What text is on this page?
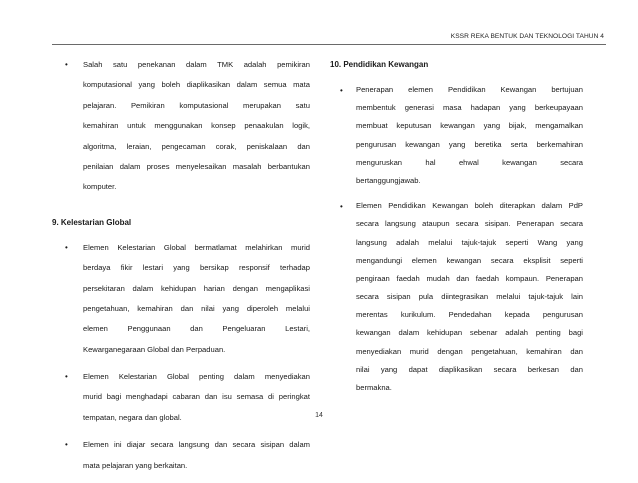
KSSR REKA BENTUK DAN TEKNOLOGI TAHUN 4
• Salah satu penekanan dalam TMK adalah pemikiran
komputasional yang boleh diaplikasikan dalam semua mata
pelajaran. Pemikiran komputasional merupakan satu
kemahiran untuk menggunakan konsep penaakulan logik,
algoritma, leraian, pengecaman corak, peniskalaan dan
penilaian dalam proses menyelesaikan masalah berbantukan
komputer.
9. Kelestarian Global
• Elemen Kelestarian Global bermatlamat melahirkan murid
berdaya fikir lestari yang bersikap responsif terhadap
persekitaran dalam kehidupan harian dengan mengaplikasi
pengetahuan, kemahiran dan nilai yang diperoleh melalui
elemen Penggunaan dan Pengeluaran Lestari,
Kewarganegaraan Global dan Perpaduan.
• Elemen Kelestarian Global penting dalam menyediakan
murid bagi menghadapi cabaran dan isu semasa di peringkat
tempatan, negara dan global.
• Elemen ini diajar secara langsung dan secara sisipan dalam
mata pelajaran yang berkaitan.
10. Pendidikan Kewangan
• Penerapan elemen Pendidikan Kewangan bertujuan
membentuk generasi masa hadapan yang berkeupayaan
membuat keputusan kewangan yang bijak, mengamalkan
pengurusan kewangan yang beretika serta berkemahiran
menguruskan hal ehwal kewangan secara
bertanggungjawab.
• Elemen Pendidikan Kewangan boleh diterapkan dalam PdP
secara langsung ataupun secara sisipan. Penerapan secara
langsung adalah melalui tajuk-tajuk seperti Wang yang
mengandungi elemen kewangan secara eksplisit seperti
pengiraan faedah mudah dan faedah kompaun. Penerapan
secara sisipan pula diintegrasikan melalui tajuk-tajuk lain
merentas kurikulum. Pendedahan kepada pengurusan
kewangan dalam kehidupan sebenar adalah penting bagi
menyediakan murid dengan pengetahuan, kemahiran dan
nilai yang dapat diaplikasikan secara berkesan dan
bermakna.
14
